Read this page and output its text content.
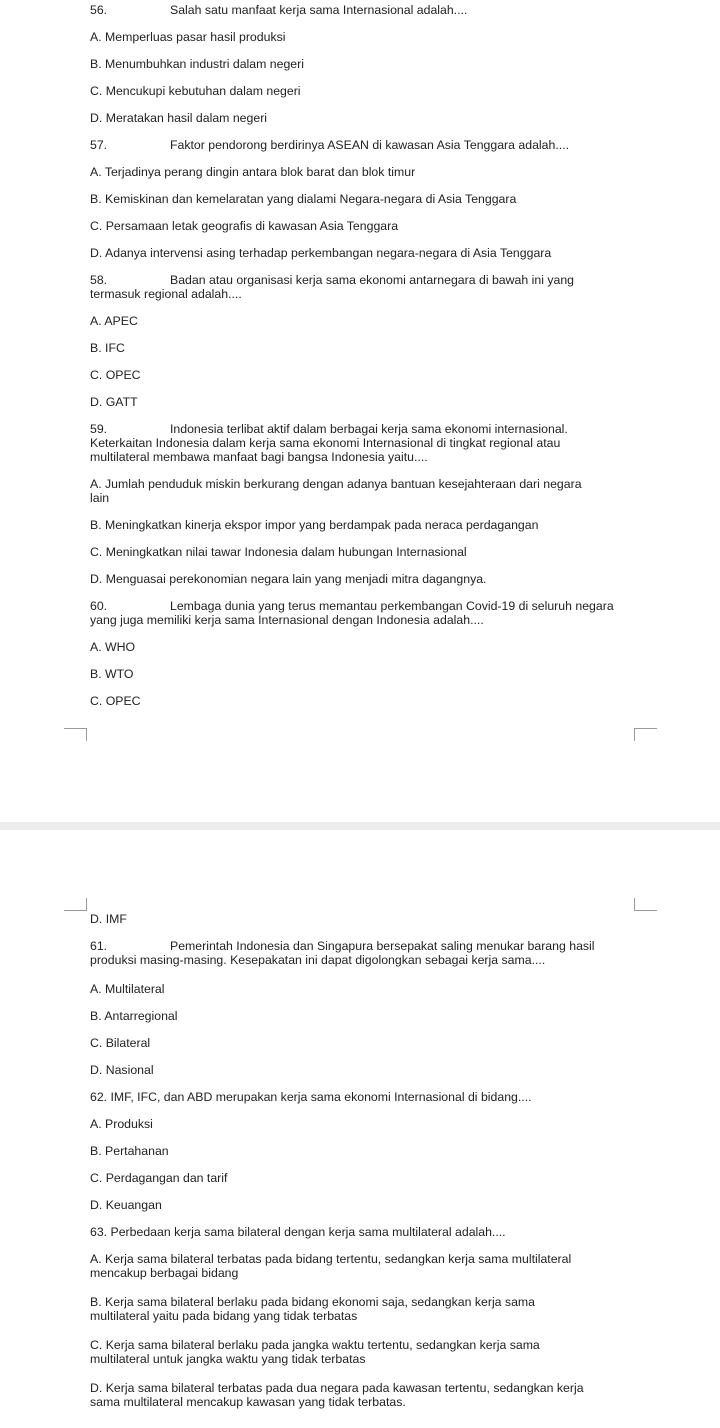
56.	Salah satu manfaat kerja sama Internasional adalah....
A. Memperluas pasar hasil produksi
B. Menumbuhkan industri dalam negeri
C. Mencukupi kebutuhan dalam negeri
D. Meratakan hasil dalam negeri
57.	Faktor pendorong berdirinya ASEAN di kawasan Asia Tenggara adalah....
A. Terjadinya perang dingin antara blok barat dan blok timur
B. Kemiskinan dan kemelaratan yang dialami Negara-negara di Asia Tenggara
C. Persamaan letak geografis di kawasan Asia Tenggara
D. Adanya intervensi asing terhadap perkembangan negara-negara di Asia Tenggara
58.	Badan atau organisasi kerja sama ekonomi antarnegara di bawah ini yang
termasuk regional adalah....
A. APEC
B. IFC
C. OPEC
D. GATT
59.	Indonesia terlibat aktif dalam berbagai kerja sama ekonomi internasional.
Keterkaitan Indonesia dalam kerja sama ekonomi Internasional di tingkat regional atau
multilateral membawa manfaat bagi bangsa Indonesia yaitu....
A. Jumlah penduduk miskin berkurang dengan adanya bantuan kesejahteraan dari negara
lain
B. Meningkatkan kinerja ekspor impor yang berdampak pada neraca perdagangan
C. Meningkatkan nilai tawar Indonesia dalam hubungan Internasional
D. Menguasai perekonomian negara lain yang menjadi mitra dagangnya.
60.	Lembaga dunia yang terus memantau perkembangan Covid-19 di seluruh negara
yang juga memiliki kerja sama Internasional dengan Indonesia adalah....
A. WHO
B. WTO
C. OPEC
D. IMF
61.	Pemerintah Indonesia dan Singapura bersepakat saling menukar barang hasil
produksi masing-masing. Kesepakatan ini dapat digolongkan sebagai kerja sama....
A. Multilateral
B. Antarregional
C. Bilateral
D. Nasional
62. IMF, IFC, dan ABD merupakan kerja sama ekonomi Internasional di bidang....
A. Produksi
B. Pertahanan
C. Perdagangan dan tarif
D. Keuangan
63. Perbedaan kerja sama bilateral dengan kerja sama multilateral adalah....
A. Kerja sama bilateral terbatas pada bidang tertentu, sedangkan kerja sama multilateral
mencakup berbagai bidang
B. Kerja sama bilateral berlaku pada bidang ekonomi saja, sedangkan kerja sama
multilateral yaitu pada bidang yang tidak terbatas
C. Kerja sama bilateral berlaku pada jangka waktu tertentu, sedangkan kerja sama
multilateral untuk jangka waktu yang tidak terbatas
D. Kerja sama bilateral terbatas pada dua negara pada kawasan tertentu, sedangkan kerja
sama multilateral mencakup kawasan yang tidak terbatas.
